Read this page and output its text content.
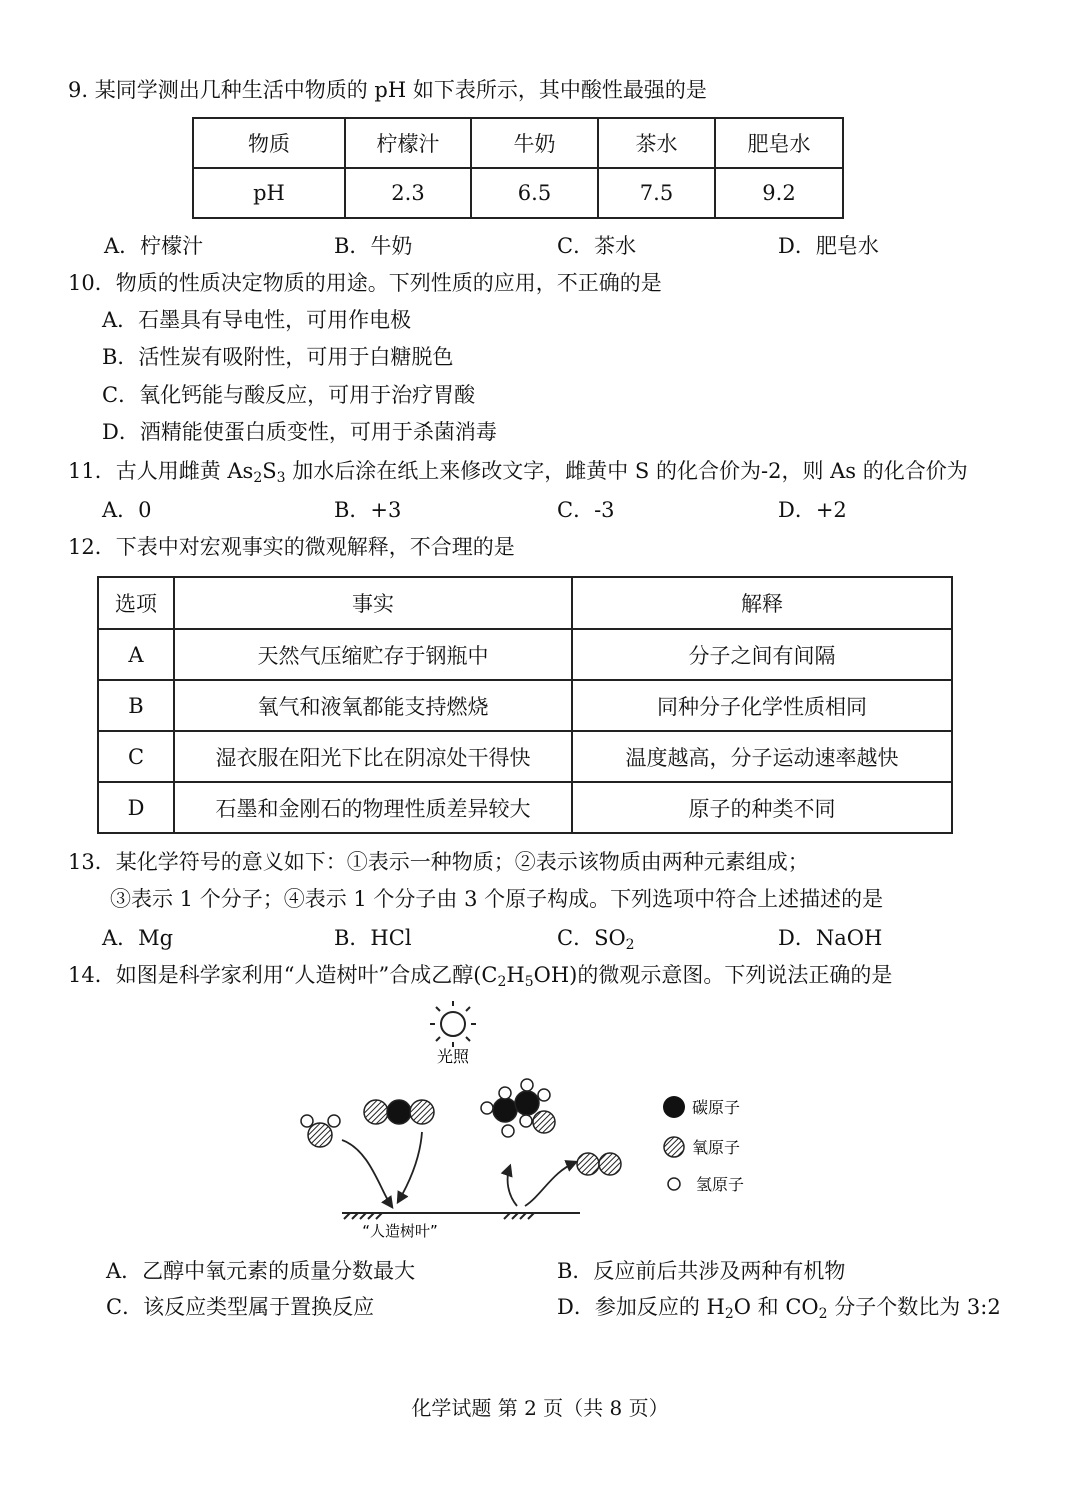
9. 某同学测出几种生活中物质的 pH 如下表所示，其中酸性最强的是
物质	柠檬汁	牛奶	茶水	肥皂水
pH	2.3	6.5	7.5	9.2
A．柠檬汁	B．牛奶	C．茶水	D．肥皂水
10．物质的性质决定物质的用途。下列性质的应用，不正确的是
A．石墨具有导电性，可用作电极
B．活性炭有吸附性，可用于白糖脱色
C．氧化钙能与酸反应，可用于治疗胃酸
D．酒精能使蛋白质变性，可用于杀菌消毒
11．古人用雌黄 $As_2S_3$ 加水后涂在纸上来修改文字，雌黄中 S 的化合价为-2，则 As 的化合价为
A．0	B．+3	C．-3	D．+2
12．下表中对宏观事实的微观解释，不合理的是
选项	事实	解释
A	天然气压缩贮存于钢瓶中	分子之间有间隔
B	氧气和液氧都能支持燃烧	同种分子化学性质相同
C	湿衣服在阳光下比在阴凉处干得快	温度越高，分子运动速率越快
D	石墨和金刚石的物理性质差异较大	原子的种类不同
13．某化学符号的意义如下：①表示一种物质；②表示该物质由两种元素组成；
③表示 1 个分子；④表示 1 个分子由 3 个原子构成。下列选项中符合上述描述的是
A．Mg	B．HCl	C．$SO_2$	D．NaOH
14．如图是科学家利用“人造树叶”合成乙醇$(C_2H_5OH)$的微观示意图。下列说法正确的是
光照
“人造树叶”
碳原子
氧原子
氢原子
A．乙醇中氧元素的质量分数最大	B．反应前后共涉及两种有机物
C．该反应类型属于置换反应	D．参加反应的 $H_2O$ 和 $CO_2$ 分子个数比为 3:2
化学试题 第 2 页（共 8 页）
